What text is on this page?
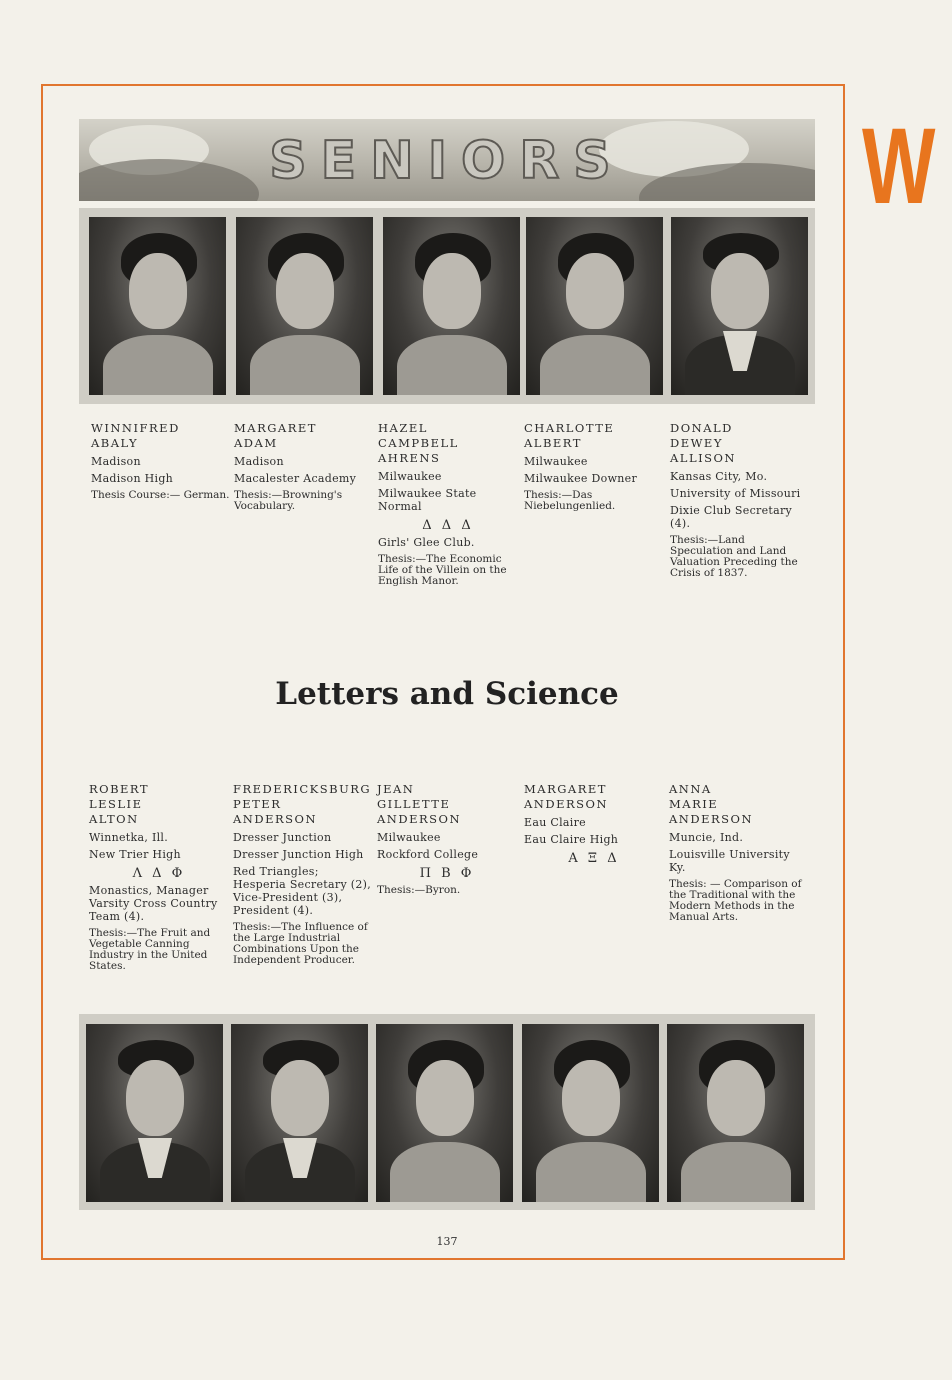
W
SENIORS
WINNIFRED
ABALY
Madison
Madison High
Thesis Course:— German.
MARGARET
ADAM
Madison
Macalester Academy
Thesis:—Browning's Vocabulary.
HAZEL
CAMPBELL
AHRENS
Milwaukee
Milwaukee State Normal
Δ Δ Δ
Girls' Glee Club.
Thesis:—The Economic Life of the Villein on the English Manor.
CHARLOTTE
ALBERT
Milwaukee
Milwaukee Downer
Thesis:—Das Niebelungenlied.
DONALD
DEWEY
ALLISON
Kansas City, Mo.
University of Missouri
Dixie Club Secretary (4).
Thesis:—Land Speculation and Land Valuation Preceding the Crisis of 1837.
Letters and Science
ROBERT
LESLIE
ALTON
Winnetka, Ill.
New Trier High
Λ Δ Φ
Monastics, Manager Varsity Cross Country Team (4).
Thesis:—The Fruit and Vegetable Canning Industry in the United States.
FREDERICKSBURG
PETER
ANDERSON
Dresser Junction
Dresser Junction High
Red Triangles; Hesperia Secretary (2), Vice-President (3), President (4).
Thesis:—The Influence of the Large Industrial Combinations Upon the Independent Producer.
JEAN
GILLETTE
ANDERSON
Milwaukee
Rockford College
Π Β Φ
Thesis:—Byron.
MARGARET
ANDERSON
Eau Claire
Eau Claire High
Α Ξ Δ
ANNA
MARIE
ANDERSON
Muncie, Ind.
Louisville University Ky.
Thesis: — Comparison of the Traditional with the Modern Methods in the Manual Arts.
137
